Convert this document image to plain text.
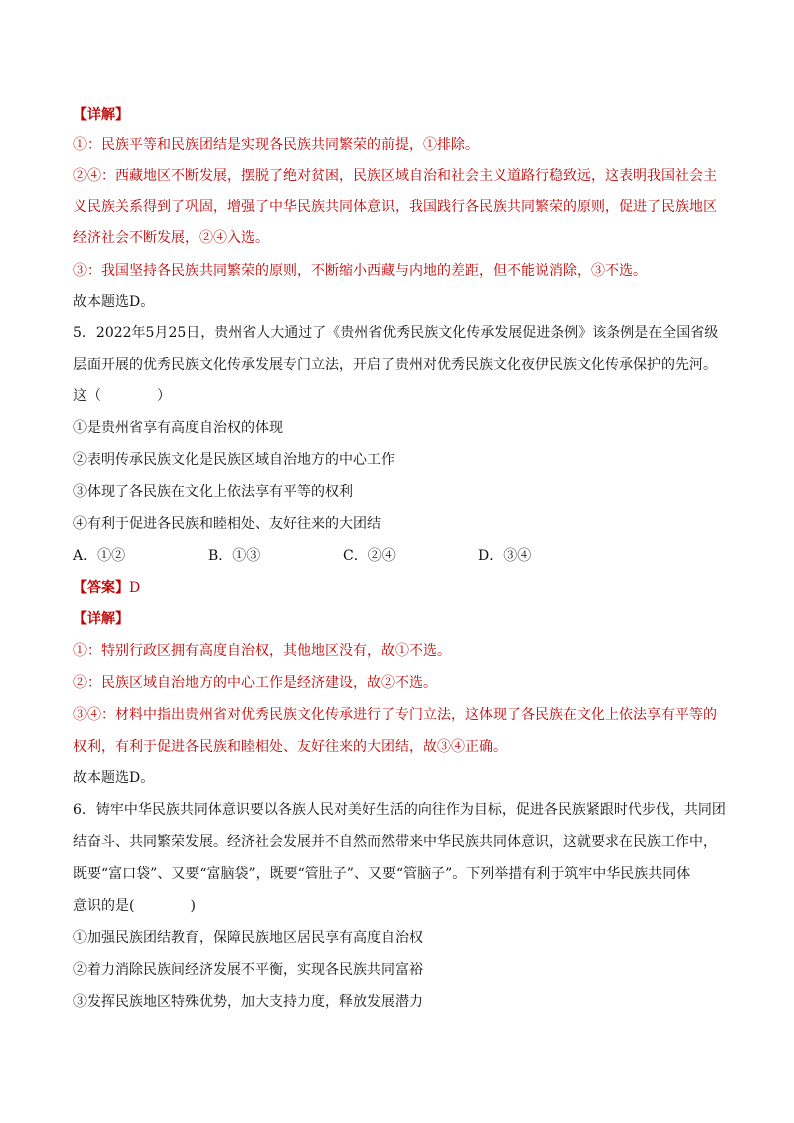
【详解】
①：民族平等和民族团结是实现各民族共同繁荣的前提，①排除。
②④：西藏地区不断发展，摆脱了绝对贫困，民族区域自治和社会主义道路行稳致远，这表明我国社会主
义民族关系得到了巩固，增强了中华民族共同体意识，我国践行各民族共同繁荣的原则，促进了民族地区
经济社会不断发展，②④入选。
③：我国坚持各民族共同繁荣的原则，不断缩小西藏与内地的差距，但不能说消除，③不选。
故本题选D。
5．2022年5月25日，贵州省人大通过了《贵州省优秀民族文化传承发展促进条例》该条例是在全国省级
层面开展的优秀民族文化传承发展专门立法，开启了贵州对优秀民族文化夜伊民族文化传承保护的先河。
这（　　　　）
①是贵州省享有高度自治权的体现
②表明传承民族文化是民族区域自治地方的中心工作
③体现了各民族在文化上依法享有平等的权利
④有利于促进各民族和睦相处、友好往来的大团结
A．①②	B．①③	C．②④	D．③④
【答案】D
【详解】
①：特别行政区拥有高度自治权，其他地区没有，故①不选。
②：民族区域自治地方的中心工作是经济建设，故②不选。
③④：材料中指出贵州省对优秀民族文化传承进行了专门立法，这体现了各民族在文化上依法享有平等的
权利，有利于促进各民族和睦相处、友好往来的大团结，故③④正确。
故本题选D。
6．铸牢中华民族共同体意识要以各族人民对美好生活的向往作为目标，促进各民族紧跟时代步伐，共同团
结奋斗、共同繁荣发展。经济社会发展并不自然而然带来中华民族共同体意识，这就要求在民族工作中，
既要“富口袋”、又要“富脑袋”，既要“管肚子”、又要“管脑子”。下列举措有利于筑牢中华民族共同体
意识的是(　　　　)
①加强民族团结教育，保障民族地区居民享有高度自治权
②着力消除民族间经济发展不平衡，实现各民族共同富裕
③发挥民族地区特殊优势，加大支持力度，释放发展潜力
